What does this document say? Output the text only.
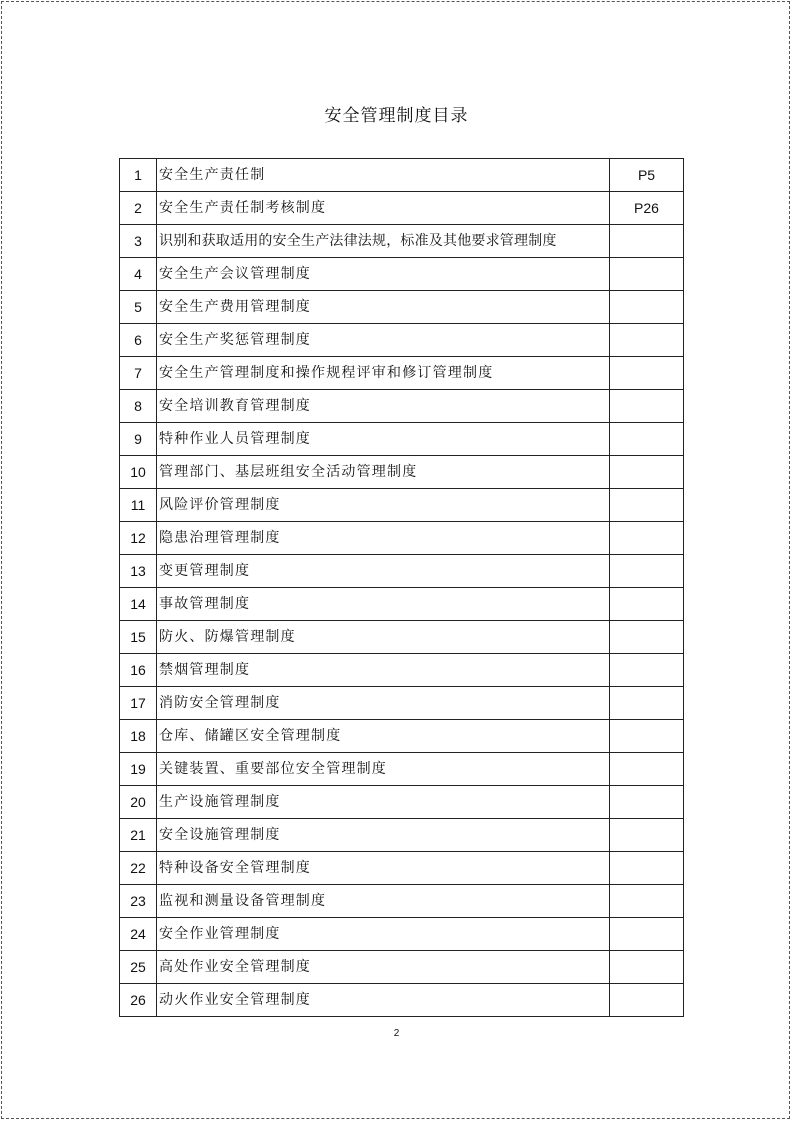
安全管理制度目录
1	安全生产责任制	P5
2	安全生产责任制考核制度	P26
3	识别和获取适用的安全生产法律法规，标准及其他要求管理制度	
4	安全生产会议管理制度	
5	安全生产费用管理制度	
6	安全生产奖惩管理制度	
7	安全生产管理制度和操作规程评审和修订管理制度	
8	安全培训教育管理制度	
9	特种作业人员管理制度	
10	管理部门、基层班组安全活动管理制度	
11	风险评价管理制度	
12	隐患治理管理制度	
13	变更管理制度	
14	事故管理制度	
15	防火、防爆管理制度	
16	禁烟管理制度	
17	消防安全管理制度	
18	仓库、储罐区安全管理制度	
19	关键装置、重要部位安全管理制度	
20	生产设施管理制度	
21	安全设施管理制度	
22	特种设备安全管理制度	
23	监视和测量设备管理制度	
24	安全作业管理制度	
25	高处作业安全管理制度	
26	动火作业安全管理制度	
2
